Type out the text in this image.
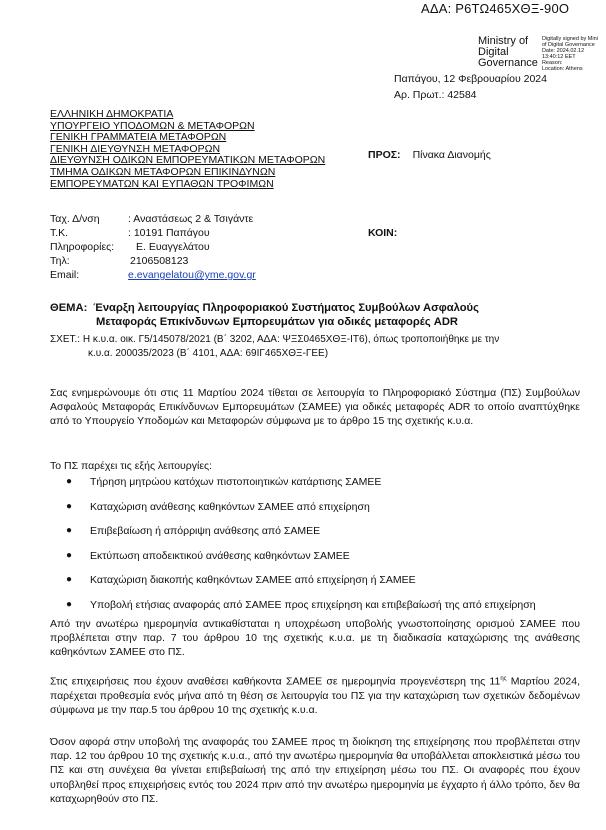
ΑΔΑ: Ρ6ΤΩ465ΧΘΞ-90Ο
Ministry of
Digital
Governance
Digitally signed by Mini
of Digital Governance
Date: 2024.02.12
13:40:12 EET
Reason:
Location: Athens
Παπάγου, 12 Φεβρουαρίου 2024
Αρ. Πρωτ.: 42584
ΕΛΛΗΝΙΚΗ ΔΗΜΟΚΡΑΤΙΑ
ΥΠΟΥΡΓΕΙΟ ΥΠΟΔΟΜΩΝ & ΜΕΤΑΦΟΡΩΝ
ΓΕΝΙΚΗ ΓΡΑΜΜΑΤΕΙΑ ΜΕΤΑΦΟΡΩΝ
ΓΕΝΙΚΗ ΔΙΕΥΘΥΝΣΗ ΜΕΤΑΦΟΡΩΝ
ΔΙΕΥΘΥΝΣΗ ΟΔΙΚΩΝ ΕΜΠΟΡΕΥΜΑΤΙΚΩΝ ΜΕΤΑΦΟΡΩΝ
ΤΜΗΜΑ ΟΔΙΚΩΝ ΜΕΤΑΦΟΡΩΝ ΕΠΙΚΙΝΔΥΝΩΝ
ΕΜΠΟΡΕΥΜΑΤΩΝ ΚΑΙ ΕΥΠΑΘΩΝ ΤΡΟΦΙΜΩΝ
Ταχ. Δ/νση	: Αναστάσεως 2 & Τσιγάντε
Τ.Κ.	: 10191 Παπάγου
Πληροφορίες:	Ε. Ευαγγελάτου
Τηλ:	2106508123
Email:	e.evangelatou@yme.gov.gr
ΠΡΟΣ: Πίνακα Διανομής
ΚΟΙΝ:
ΘΕΜΑ: Έναρξη λειτουργίας Πληροφοριακού Συστήματος Συμβούλων Ασφαλούς
Μεταφοράς Επικίνδυνων Εμπορευμάτων για οδικές μεταφορές ADR
ΣΧΕΤ.: Η κ.υ.α. οικ. Γ5/145078/2021 (Β΄ 3202, ΑΔΑ: ΨΞΣ0465ΧΘΞ-ΙΤ6), όπως τροποποιήθηκε με την
κ.υ.α. 200035/2023 (Β΄ 4101, ΑΔΑ: 69ΙΓ465ΧΘΞ-ΓΕΕ)
Σας ενημερώνουμε ότι στις 11 Μαρτίου 2024 τίθεται σε λειτουργία το Πληροφοριακό Σύστημα (ΠΣ) Συμβούλων Ασφαλούς Μεταφοράς Επικίνδυνων Εμπορευμάτων (ΣΑΜΕΕ) για οδικές μεταφορές ADR το οποίο αναπτύχθηκε από το Υπουργείο Υποδομών και Μεταφορών σύμφωνα με το άρθρο 15 της σχετικής κ.υ.α.
Το ΠΣ παρέχει τις εξής λειτουργίες:
●	Τήρηση μητρώου κατόχων πιστοποιητικών κατάρτισης ΣΑΜΕΕ
●	Καταχώριση ανάθεσης καθηκόντων ΣΑΜΕΕ από επιχείρηση
●	Επιβεβαίωση ή απόρριψη ανάθεσης από ΣΑΜΕΕ
●	Εκτύπωση αποδεικτικού ανάθεσης καθηκόντων ΣΑΜΕΕ
●	Καταχώριση διακοπής καθηκόντων ΣΑΜΕΕ από επιχείρηση ή ΣΑΜΕΕ
●	Υποβολή ετήσιας αναφοράς από ΣΑΜΕΕ προς επιχείρηση και επιβεβαίωσή της από επιχείρηση
Από την ανωτέρω ημερομηνία αντικαθίσταται η υποχρέωση υποβολής γνωστοποίησης ορισμού ΣΑΜΕΕ που προβλέπεται στην παρ. 7 του άρθρου 10 της σχετικής κ.υ.α. με τη διαδικασία καταχώρισης της ανάθεσης καθηκόντων ΣΑΜΕΕ στο ΠΣ.
Στις επιχειρήσεις που έχουν αναθέσει καθήκοντα ΣΑΜΕΕ σε ημερομηνία προγενέστερη της $11^{\eta\varsigma}$ Μαρτίου 2024, παρέχεται προθεσμία ενός μήνα από τη θέση σε λειτουργία του ΠΣ για την καταχώριση των σχετικών δεδομένων σύμφωνα με την παρ.5 του άρθρου 10 της σχετικής κ.υ.α.
Όσον αφορά στην υποβολή της αναφοράς του ΣΑΜΕΕ προς τη διοίκηση της επιχείρησης που προβλέπεται στην παρ. 12 του άρθρου 10 της σχετικής κ.υ.α., από την ανωτέρω ημερομηνία θα υποβάλλεται αποκλειστικά μέσω του ΠΣ και στη συνέχεια θα γίνεται επιβεβαίωσή της από την επιχείρηση μέσω του ΠΣ. Οι αναφορές που έχουν υποβληθεί προς επιχειρήσεις εντός του 2024 πριν από την ανωτέρω ημερομηνία με έγχαρτο ή άλλο τρόπο, δεν θα καταχωρηθούν στο ΠΣ.
